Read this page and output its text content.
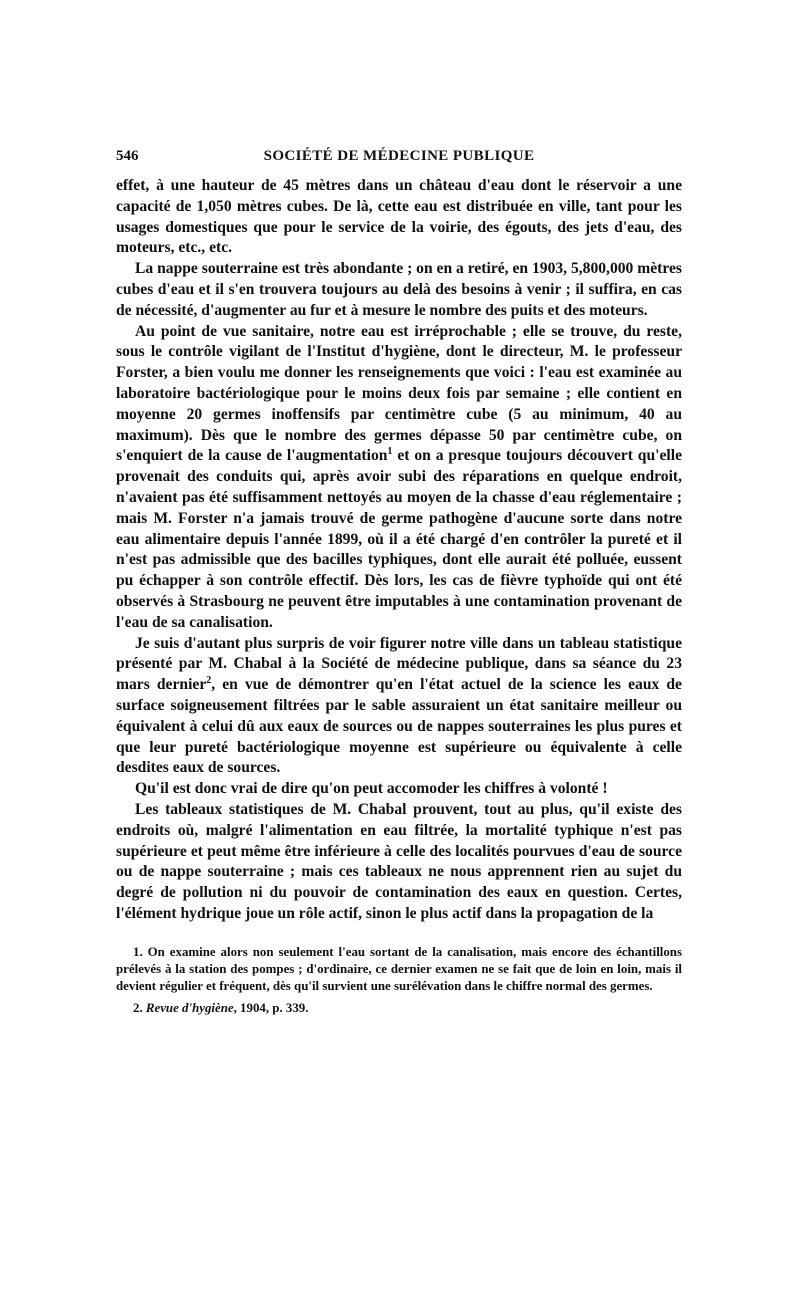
546	SOCIÉTÉ DE MÉDECINE PUBLIQUE

effet, à une hauteur de 45 mètres dans un château d'eau dont le réservoir a une capacité de 1,050 mètres cubes. De là, cette eau est distribuée en ville, tant pour les usages domestiques que pour le service de la voirie, des égouts, des jets d'eau, des moteurs, etc., etc.

La nappe souterraine est très abondante ; on en a retiré, en 1903, 5,800,000 mètres cubes d'eau et il s'en trouvera toujours au delà des besoins à venir ; il suffira, en cas de nécessité, d'augmenter au fur et à mesure le nombre des puits et des moteurs.

Au point de vue sanitaire, notre eau est irréprochable ; elle se trouve, du reste, sous le contrôle vigilant de l'Institut d'hygiène, dont le directeur, M. le professeur Forster, a bien voulu me donner les renseignements que voici : l'eau est examinée au laboratoire bactériologique pour le moins deux fois par semaine ; elle contient en moyenne 20 germes inoffensifs par centimètre cube (5 au minimum, 40 au maximum). Dès que le nombre des germes dépasse 50 par centimètre cube, on s'enquiert de la cause de l'augmentation$^1$ et on a presque toujours découvert qu'elle provenait des conduits qui, après avoir subi des réparations en quelque endroit, n'avaient pas été suffisamment nettoyés au moyen de la chasse d'eau réglementaire ; mais M. Forster n'a jamais trouvé de germe pathogène d'aucune sorte dans notre eau alimentaire depuis l'année 1899, où il a été chargé d'en contrôler la pureté et il n'est pas admissible que des bacilles typhiques, dont elle aurait été polluée, eussent pu échapper à son contrôle effectif. Dès lors, les cas de fièvre typhoïde qui ont été observés à Strasbourg ne peuvent être imputables à une contamination provenant de l'eau de sa canalisation.

Je suis d'autant plus surpris de voir figurer notre ville dans un tableau statistique présenté par M. Chabal à la Société de médecine publique, dans sa séance du 23 mars dernier$^2$, en vue de démontrer qu'en l'état actuel de la science les eaux de surface soigneusement filtrées par le sable assuraient un état sanitaire meilleur ou équivalent à celui dû aux eaux de sources ou de nappes souterraines les plus pures et que leur pureté bactériologique moyenne est supérieure ou équivalente à celle desdites eaux de sources.

Qu'il est donc vrai de dire qu'on peut accomoder les chiffres à volonté !

Les tableaux statistiques de M. Chabal prouvent, tout au plus, qu'il existe des endroits où, malgré l'alimentation en eau filtrée, la mortalité typhique n'est pas supérieure et peut même être inférieure à celle des localités pourvues d'eau de source ou de nappe souterraine ; mais ces tableaux ne nous apprennent rien au sujet du degré de pollution ni du pouvoir de contamination des eaux en question. Certes, l'élément hydrique joue un rôle actif, sinon le plus actif dans la propagation de la

1. On examine alors non seulement l'eau sortant de la canalisation, mais encore des échantillons prélevés à la station des pompes ; d'ordinaire, ce dernier examen ne se fait que de loin en loin, mais il devient régulier et fréquent, dès qu'il survient une surélévation dans le chiffre normal des germes.

2. Revue d'hygiène, 1904, p. 339.
